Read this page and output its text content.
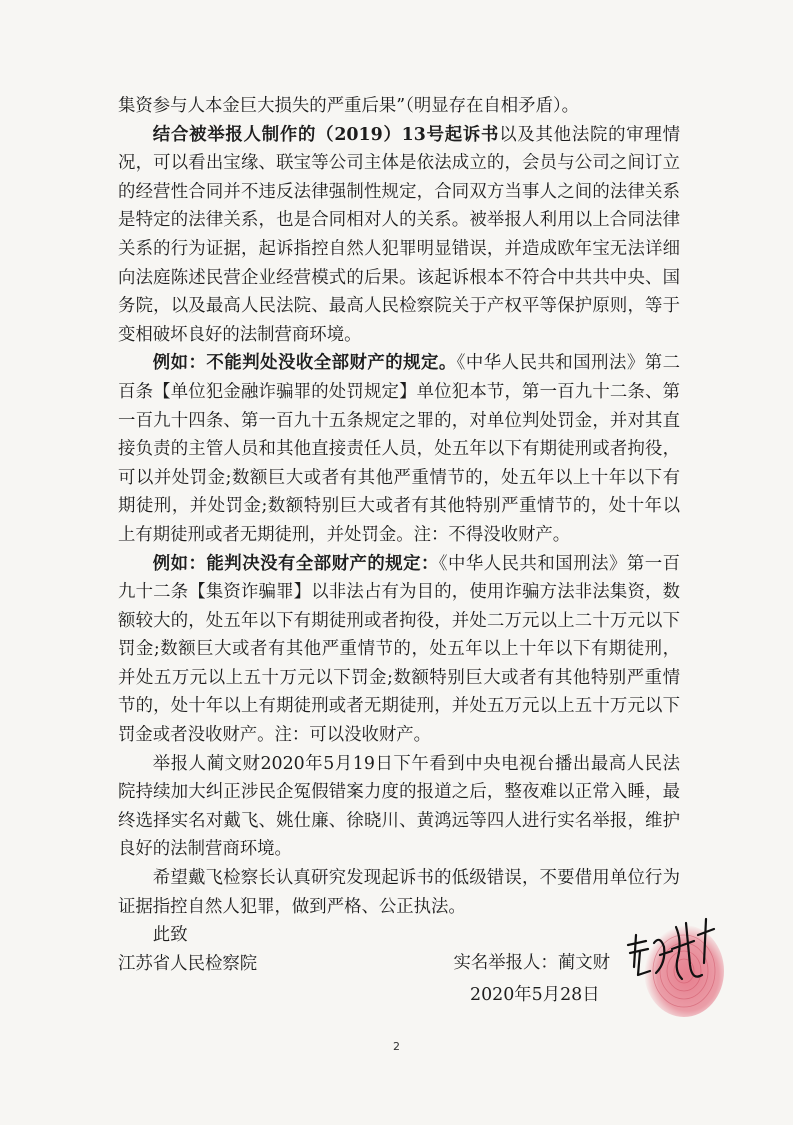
集资参与人本金巨大损失的严重后果”（明显存在自相矛盾）。

结合被举报人制作的（2019）13号起诉书以及其他法院的审理情况，可以看出宝缘、联宝等公司主体是依法成立的，会员与公司之间订立的经营性合同并不违反法律强制性规定，合同双方当事人之间的法律关系是特定的法律关系，也是合同相对人的关系。被举报人利用以上合同法律关系的行为证据，起诉指控自然人犯罪明显错误，并造成欧年宝无法详细向法庭陈述民营企业经营模式的后果。该起诉根本不符合中共共中央、国务院，以及最高人民法院、最高人民检察院关于产权平等保护原则，等于变相破坏良好的法制营商环境。

例如：不能判处没收全部财产的规定。《中华人民共和国刑法》第二百条【单位犯金融诈骗罪的处罚规定】单位犯本节，第一百九十二条、第一百九十四条、第一百九十五条规定之罪的，对单位判处罚金，并对其直接负责的主管人员和其他直接责任人员，处五年以下有期徒刑或者拘役，可以并处罚金;数额巨大或者有其他严重情节的，处五年以上十年以下有期徒刑，并处罚金;数额特别巨大或者有其他特别严重情节的，处十年以上有期徒刑或者无期徒刑，并处罚金。注：不得没收财产。

例如：能判决没有全部财产的规定：《中华人民共和国刑法》第一百九十二条【集资诈骗罪】以非法占有为目的，使用诈骗方法非法集资，数额较大的，处五年以下有期徒刑或者拘役，并处二万元以上二十万元以下罚金;数额巨大或者有其他严重情节的，处五年以上十年以下有期徒刑，并处五万元以上五十万元以下罚金;数额特别巨大或者有其他特别严重情节的，处十年以上有期徒刑或者无期徒刑，并处五万元以上五十万元以下罚金或者没收财产。注：可以没收财产。

举报人蔺文财2020年5月19日下午看到中央电视台播出最高人民法院持续加大纠正涉民企冤假错案力度的报道之后，整夜难以正常入睡，最终选择实名对戴飞、姚仕廉、徐晓川、黄鸿远等四人进行实名举报，维护良好的法制营商环境。

希望戴飞检察长认真研究发现起诉书的低级错误，不要借用单位行为证据指控自然人犯罪，做到严格、公正执法。

此致

江苏省人民检察院	实名举报人：蔺文财
2020年5月28日
2
